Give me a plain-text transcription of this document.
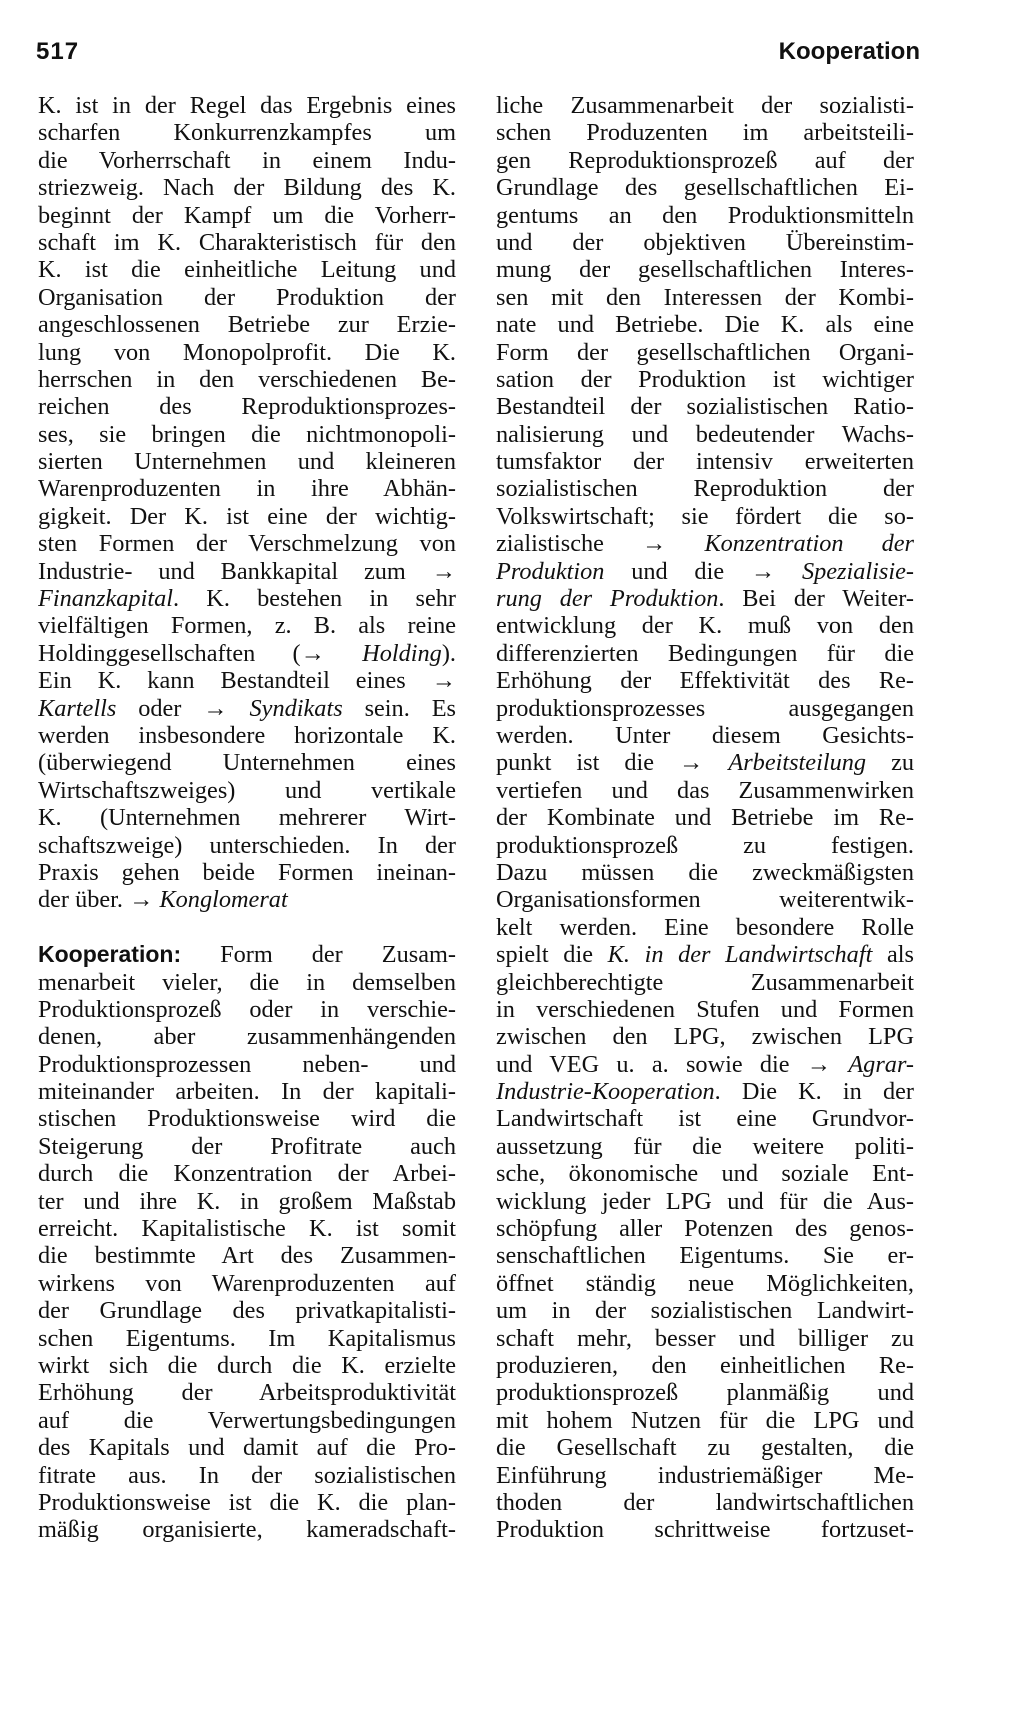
517	Kooperation
K. ist in der Regel das Ergebnis eines
scharfen Konkurrenzkampfes um
die Vorherrschaft in einem Indu-
striezweig. Nach der Bildung des K.
beginnt der Kampf um die Vorherr-
schaft im K. Charakteristisch für den
K. ist die einheitliche Leitung und
Organisation der Produktion der
angeschlossenen Betriebe zur Erzie-
lung von Monopolprofit. Die K.
herrschen in den verschiedenen Be-
reichen des Reproduktionsprozes-
ses, sie bringen die nichtmonopoli-
sierten Unternehmen und kleineren
Warenproduzenten in ihre Abhän-
gigkeit. Der K. ist eine der wichtig-
sten Formen der Verschmelzung von
Industrie- und Bankkapital zum →
Finanzkapital. K. bestehen in sehr
vielfältigen Formen, z. B. als reine
Holdinggesellschaften (→ Holding).
Ein K. kann Bestandteil eines →
Kartells oder → Syndikats sein. Es
werden insbesondere horizontale K.
(überwiegend Unternehmen eines
Wirtschaftszweiges) und vertikale
K. (Unternehmen mehrerer Wirt-
schaftszweige) unterschieden. In der
Praxis gehen beide Formen ineinan-
der über. → Konglomerat
Kooperation: Form der Zusam-
menarbeit vieler, die in demselben
Produktionsprozeß oder in verschie-
denen, aber zusammenhängenden
Produktionsprozessen neben- und
miteinander arbeiten. In der kapitali-
stischen Produktionsweise wird die
Steigerung der Profitrate auch
durch die Konzentration der Arbei-
ter und ihre K. in großem Maßstab
erreicht. Kapitalistische K. ist somit
die bestimmte Art des Zusammen-
wirkens von Warenproduzenten auf
der Grundlage des privatkapitalisti-
schen Eigentums. Im Kapitalismus
wirkt sich die durch die K. erzielte
Erhöhung der Arbeitsproduktivität
auf die Verwertungsbedingungen
des Kapitals und damit auf die Pro-
fitrate aus. In der sozialistischen
Produktionsweise ist die K. die plan-
mäßig organisierte, kameradschaft-
liche Zusammenarbeit der sozialisti-
schen Produzenten im arbeitsteili-
gen Reproduktionsprozeß auf der
Grundlage des gesellschaftlichen Ei-
gentums an den Produktionsmitteln
und der objektiven Übereinstim-
mung der gesellschaftlichen Interes-
sen mit den Interessen der Kombi-
nate und Betriebe. Die K. als eine
Form der gesellschaftlichen Organi-
sation der Produktion ist wichtiger
Bestandteil der sozialistischen Ratio-
nalisierung und bedeutender Wachs-
tumsfaktor der intensiv erweiterten
sozialistischen Reproduktion der
Volkswirtschaft; sie fördert die so-
zialistische → Konzentration der
Produktion und die → Spezialisie-
rung der Produktion. Bei der Weiter-
entwicklung der K. muß von den
differenzierten Bedingungen für die
Erhöhung der Effektivität des Re-
produktionsprozesses ausgegangen
werden. Unter diesem Gesichts-
punkt ist die → Arbeitsteilung zu
vertiefen und das Zusammenwirken
der Kombinate und Betriebe im Re-
produktionsprozeß zu festigen.
Dazu müssen die zweckmäßigsten
Organisationsformen weiterentwik-
kelt werden. Eine besondere Rolle
spielt die K. in der Landwirtschaft als
gleichberechtigte Zusammenarbeit
in verschiedenen Stufen und Formen
zwischen den LPG, zwischen LPG
und VEG u. a. sowie die → Agrar-
Industrie-Kooperation. Die K. in der
Landwirtschaft ist eine Grundvor-
aussetzung für die weitere politi-
sche, ökonomische und soziale Ent-
wicklung jeder LPG und für die Aus-
schöpfung aller Potenzen des genos-
senschaftlichen Eigentums. Sie er-
öffnet ständig neue Möglichkeiten,
um in der sozialistischen Landwirt-
schaft mehr, besser und billiger zu
produzieren, den einheitlichen Re-
produktionsprozeß planmäßig und
mit hohem Nutzen für die LPG und
die Gesellschaft zu gestalten, die
Einführung industriemäßiger Me-
thoden der landwirtschaftlichen
Produktion schrittweise fortzuset-
